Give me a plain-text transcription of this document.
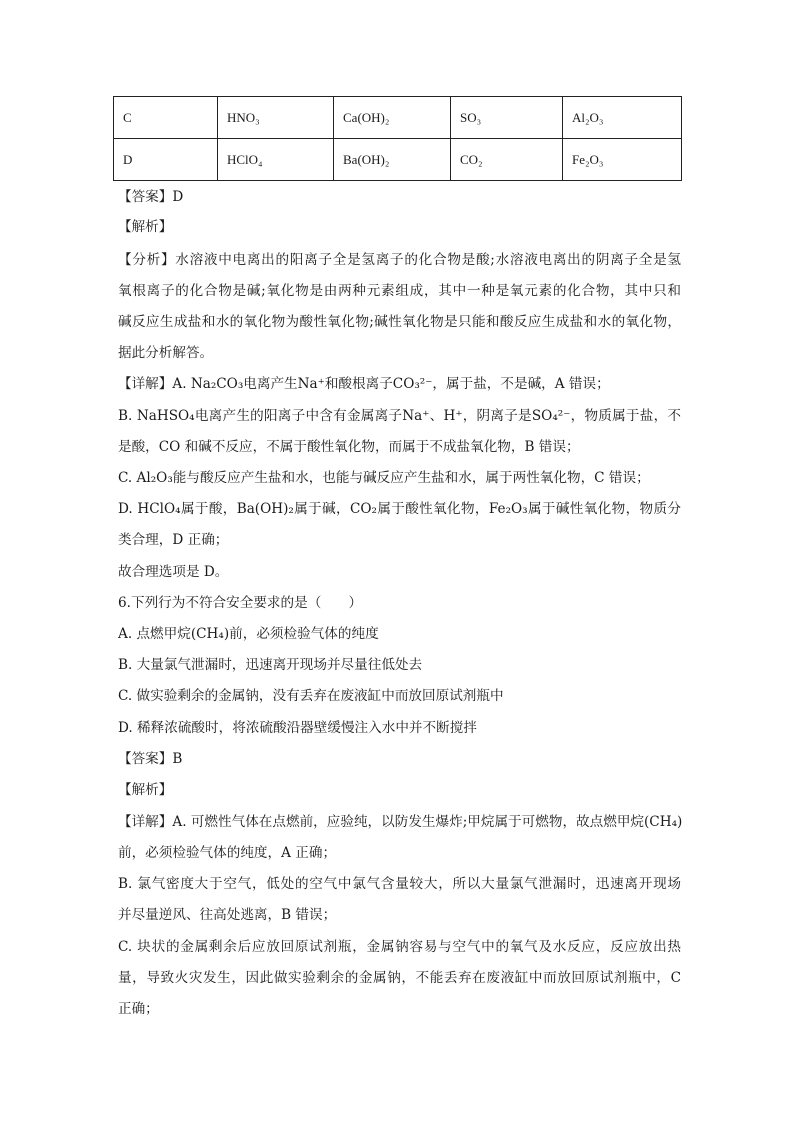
C	HNO₃	Ca(OH)₂	SO₃	Al₂O₃
D	HClO₄	Ba(OH)₂	CO₂	Fe₂O₃
【答案】D
【解析】
【分析】水溶液中电离出的阳离子全是氢离子的化合物是酸;水溶液电离出的阴离子全是氢
氧根离子的化合物是碱;氧化物是由两种元素组成，其中一种是氧元素的化合物，其中只和
碱反应生成盐和水的氧化物为酸性氧化物;碱性氧化物是只能和酸反应生成盐和水的氧化物，
据此分析解答。
【详解】A. Na₂CO₃电离产生Na⁺和酸根离子CO₃²⁻，属于盐，不是碱，A 错误；
B. NaHSO₄电离产生的阳离子中含有金属离子Na⁺、H⁺，阴离子是SO₄²⁻，物质属于盐，不
是酸，CO 和碱不反应，不属于酸性氧化物，而属于不成盐氧化物，B 错误；
C. Al₂O₃能与酸反应产生盐和水，也能与碱反应产生盐和水，属于两性氧化物，C 错误；
D. HClO₄属于酸，Ba(OH)₂属于碱，CO₂属于酸性氧化物，Fe₂O₃属于碱性氧化物，物质分
类合理，D 正确；
故合理选项是 D。
6.下列行为不符合安全要求的是（　　）
A. 点燃甲烷(CH₄)前，必须检验气体的纯度
B. 大量氯气泄漏时，迅速离开现场并尽量往低处去
C. 做实验剩余的金属钠，没有丢弃在废液缸中而放回原试剂瓶中
D. 稀释浓硫酸时，将浓硫酸沿器壁缓慢注入水中并不断搅拌
【答案】B
【解析】
【详解】A. 可燃性气体在点燃前，应验纯，以防发生爆炸;甲烷属于可燃物，故点燃甲烷(CH₄)
前，必须检验气体的纯度，A 正确；
B. 氯气密度大于空气，低处的空气中氯气含量较大，所以大量氯气泄漏时，迅速离开现场
并尽量逆风、往高处逃离，B 错误；
C. 块状的金属剩余后应放回原试剂瓶，金属钠容易与空气中的氧气及水反应，反应放出热
量，导致火灾发生，因此做实验剩余的金属钠，不能丢弃在废液缸中而放回原试剂瓶中，C
正确；
